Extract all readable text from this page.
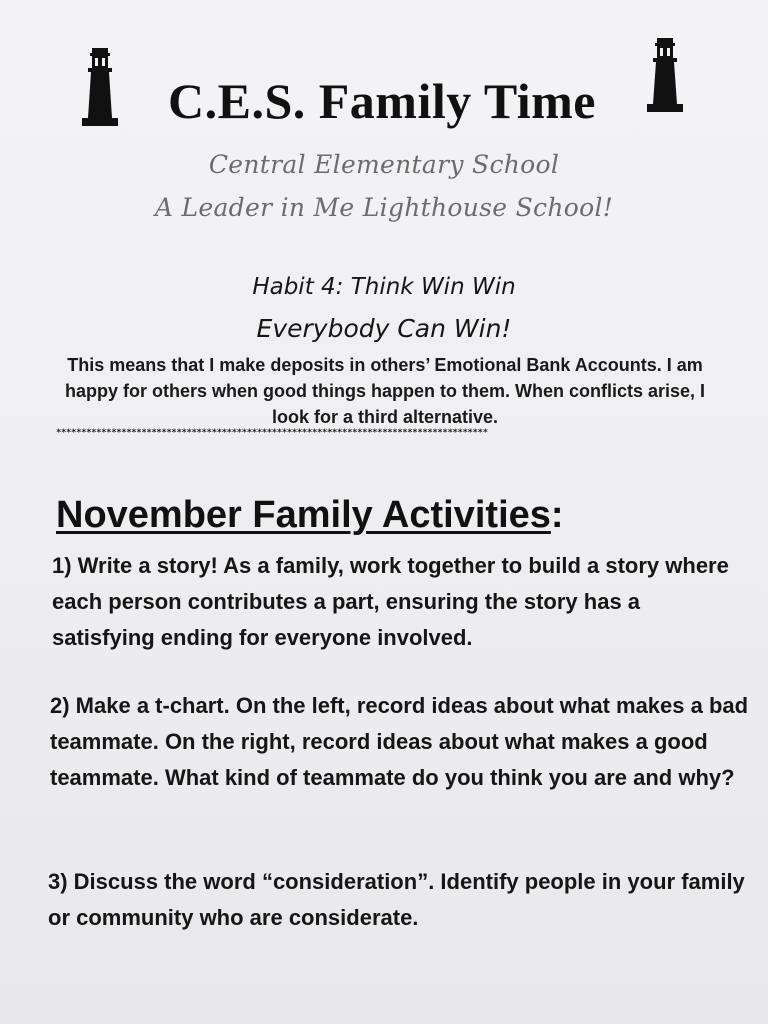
C.E.S. Family Time
Central Elementary School
A Leader in Me Lighthouse School!
Habit 4: Think Win Win
Everybody Can Win!
This means that I make deposits in others’ Emotional Bank Accounts. I am happy for others when good things happen to them. When conflicts arise, I look for a third alternative.
**************************************************************************************
November Family Activities:
1) Write a story! As a family, work together to build a story where each person contributes a part, ensuring the story has a satisfying ending for everyone involved.
2) Make a t-chart. On the left, record ideas about what makes a bad teammate. On the right, record ideas about what makes a good teammate. What kind of teammate do you think you are and why?
3) Discuss the word “consideration”. Identify people in your family or community who are considerate.
